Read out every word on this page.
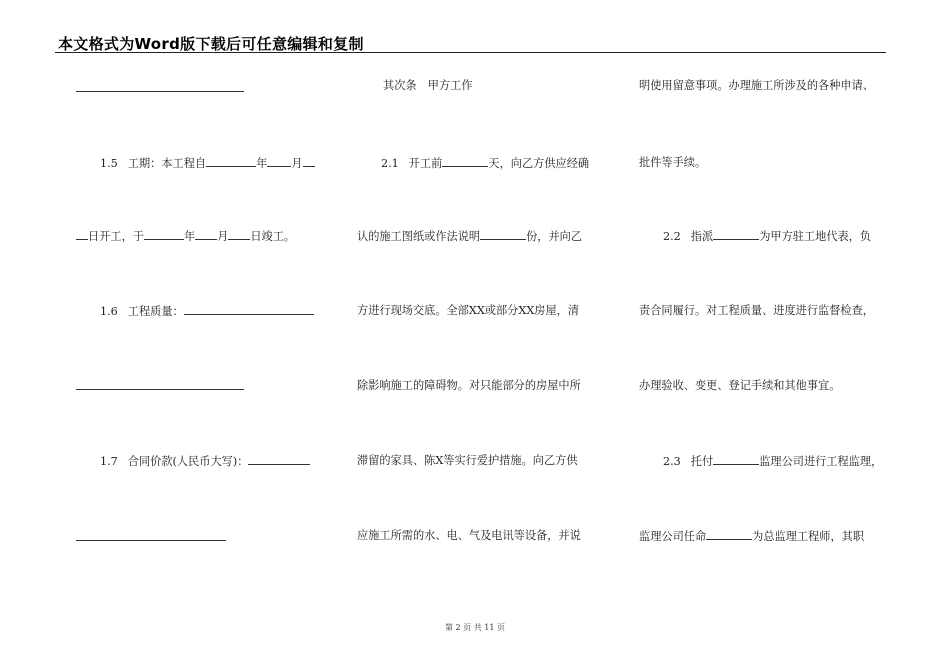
本文格式为Word版下载后可任意编辑和复制
1.5 工期：本工程自	年 月
日开工，于	年 月 日竣工。
1.6 工程质量：
1.7 合同价款(人民币大写)：
其次条　甲方工作
2.1 开工前	天，向乙方供应经确
认的施工图纸或作法说明	份，并向乙
方进行现场交底。全部XX或部分XX房屋，清
除影响施工的障碍物。对只能部分的房屋中所
滞留的家具、陈X等实行爱护措施。向乙方供
应施工所需的水、电、气及电讯等设备，并说
明使用留意事项。办理施工所涉及的各种申请、
批件等手续。
2.2 指派	为甲方驻工地代表，负
责合同履行。对工程质量、进度进行监督检查，
办理验收、变更、登记手续和其他事宜。
2.3 托付	监理公司进行工程监理，
监理公司任命	为总监理工程师，其职
第 2 页 共 11 页
